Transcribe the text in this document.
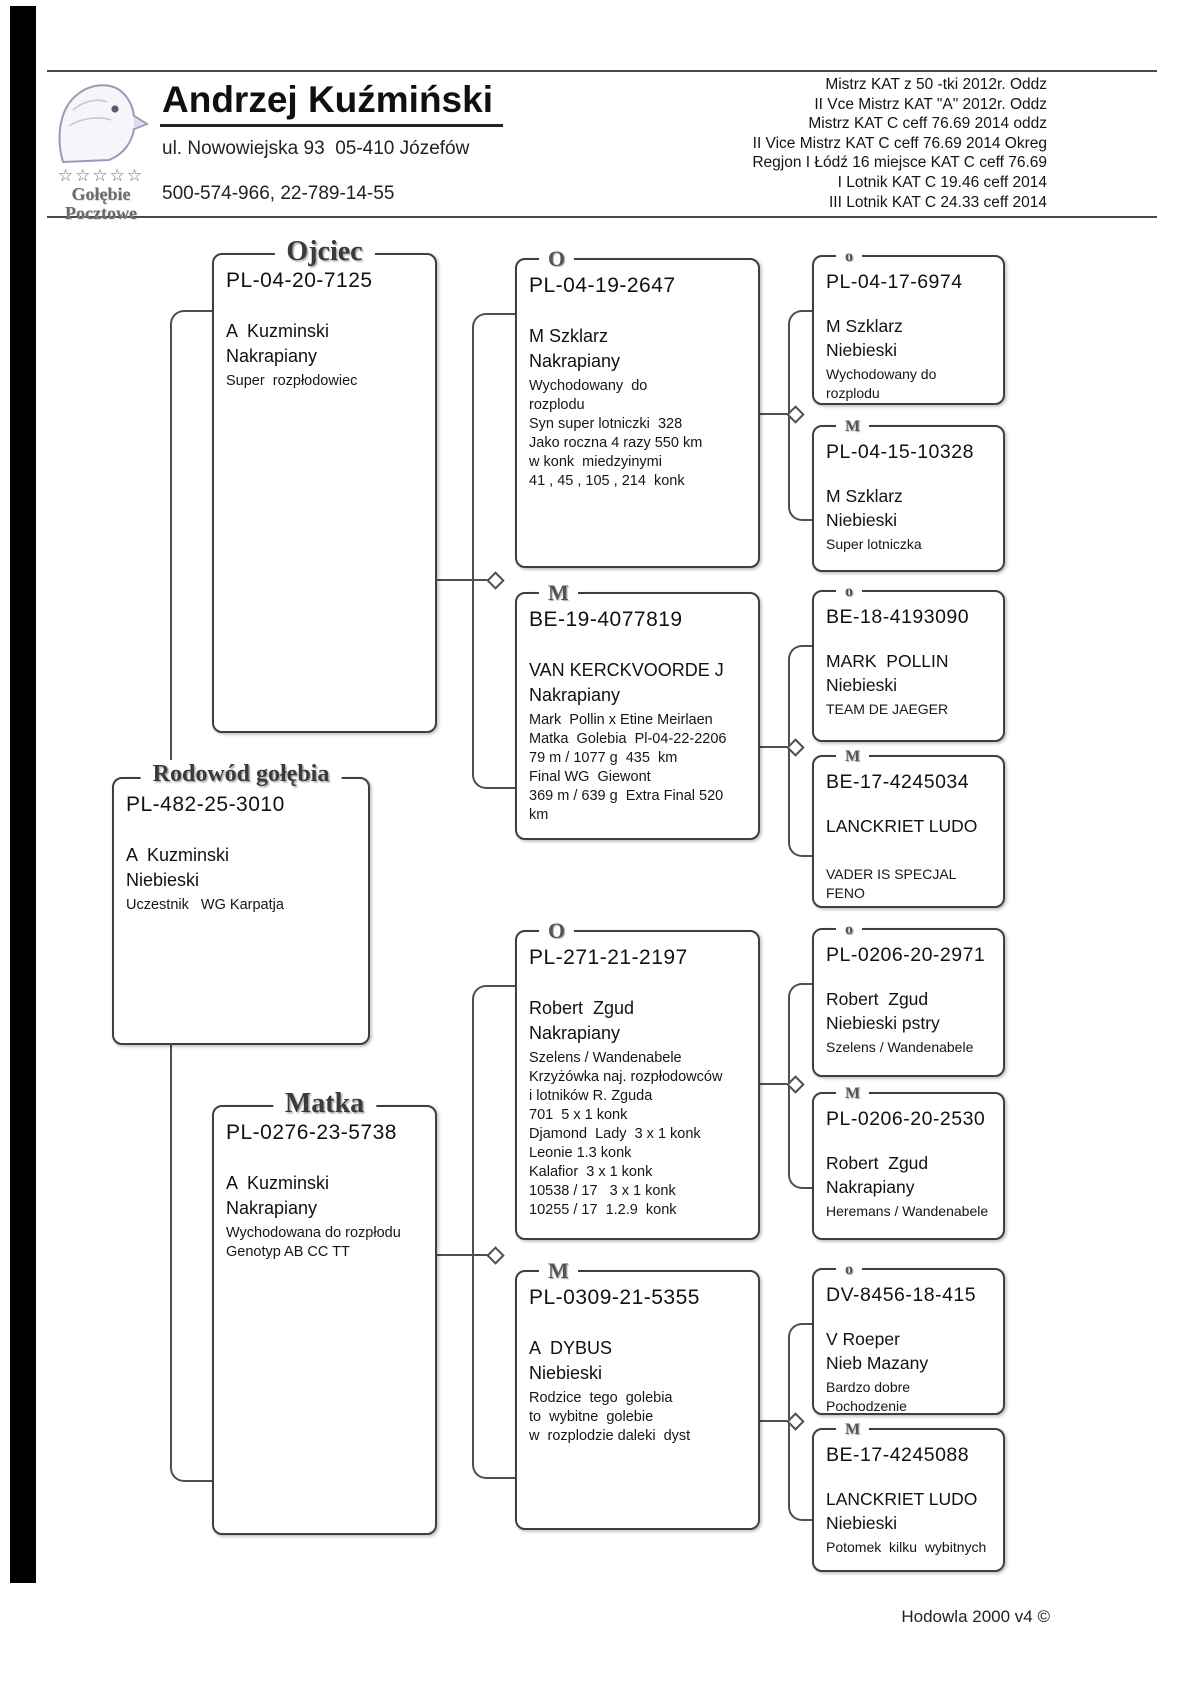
☆☆☆☆☆
Gołębie
Pocztowe
Andrzej Kuźmiński
ul. Nowowiejska 93  05-410 Józefów
500-574-966, 22-789-14-55
Mistrz KAT z 50 -tki 2012r. Oddz
II Vce Mistrz KAT "A" 2012r. Oddz
Mistrz KAT C ceff 76.69 2014 oddz
II Vice Mistrz KAT C ceff 76.69 2014 Okreg
Regjon I Łódź 16 miejsce KAT C ceff 76.69
I Lotnik KAT C 19.46 ceff 2014
III Lotnik KAT C 24.33 ceff 2014
Ojciec
PL-04-20-7125
A  Kuzminski
Nakrapiany
Super  rozpłodowiec
Rodowód gołębia
PL-482-25-3010
A  Kuzminski
Niebieski
Uczestnik   WG Karpatja
Matka
PL-0276-23-5738
A  Kuzminski
Nakrapiany
Wychodowana do rozpłodu
Genotyp AB CC TT
O
PL-04-19-2647
M Szklarz
Nakrapiany
Wychodowany  do
rozplodu
Syn super lotniczki  328
Jako roczna 4 razy 550 km
w konk  miedzyinymi
41 , 45 , 105 , 214  konk
M
BE-19-4077819
VAN KERCKVOORDE J
Nakrapiany
Mark  Pollin x Etine Meirlaen
Matka  Golebia  Pl-04-22-2206
79 m / 1077 g  435  km
Final WG  Giewont
369 m / 639 g  Extra Final 520
km
O
PL-271-21-2197
Robert  Zgud
Nakrapiany
Szelens / Wandenabele
Krzyżówka naj. rozpłodowców
i lotników R. Zguda
701  5 x 1 konk
Djamond  Lady  3 x 1 konk
Leonie 1.3 konk
Kalafior  3 x 1 konk
10538 / 17   3 x 1 konk
10255 / 17  1.2.9  konk
M
PL-0309-21-5355
A  DYBUS
Niebieski
Rodzice  tego  golebia
to  wybitne  golebie
w  rozplodzie daleki  dyst
o
PL-04-17-6974
M Szklarz
Niebieski
Wychodowany do rozplodu
M
PL-04-15-10328
M Szklarz
Niebieski
Super lotniczka
o
BE-18-4193090
MARK  POLLIN
Niebieski
TEAM DE JAEGER
M
BE-17-4245034
LANCKRIET LUDO
VADER IS SPECJAL FENO
o
PL-0206-20-2971
Robert  Zgud
Niebieski pstry
Szelens / Wandenabele
M
PL-0206-20-2530
Robert  Zgud
Nakrapiany
Heremans / Wandenabele
o
DV-8456-18-415
V Roeper
Nieb Mazany
Bardzo dobre Pochodzenie
M
BE-17-4245088
LANCKRIET LUDO
Niebieski
Potomek  kilku  wybitnych
Hodowla 2000 v4 ©
